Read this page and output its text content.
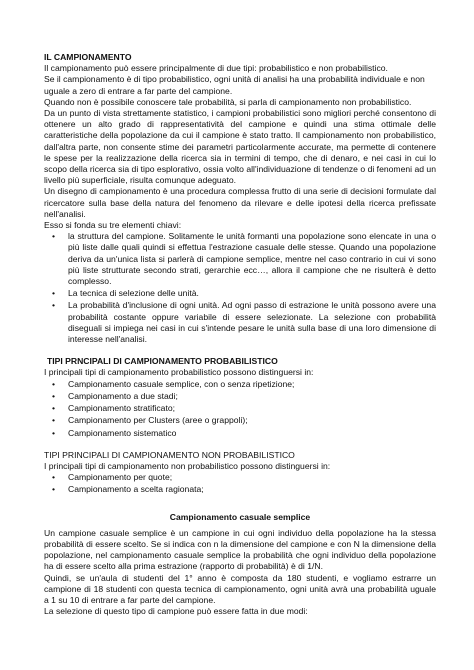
IL CAMPIONAMENTO

Il campionamento può essere principalmente di due tipi: probabilistico e non probabilistico.

Se il campionamento è di tipo probabilistico, ogni unità di analisi ha una probabilità individuale e non uguale a zero di entrare a far parte del campione.

Quando non è possibile conoscere tale probabilità, si parla di campionamento non probabilistico.

Da un punto di vista strettamente statistico, i campioni probabilistici sono migliori perché consentono di ottenere un alto grado di rappresentatività del campione e quindi una stima ottimale delle caratteristiche della popolazione da cui il campione è stato tratto. Il campionamento non probabilistico, dall'altra parte, non consente stime dei parametri particolarmente accurate, ma permette di contenere le spese per la realizzazione della ricerca sia in termini di tempo, che di denaro, e nei casi in cui lo scopo della ricerca sia di tipo esplorativo, ossia volto all'individuazione di tendenze o di fenomeni ad un livello più superficiale, risulta comunque adeguato.

Un disegno di campionamento è una procedura complessa frutto di una serie di decisioni formulate dal ricercatore sulla base della natura del fenomeno da rilevare e delle ipotesi della ricerca prefissate nell'analisi.

Esso si fonda su tre elementi chiavi:

• la struttura del campione. Solitamente le unità formanti una popolazione sono elencate in una o più liste dalle quali quindi si effettua l'estrazione casuale delle stesse. Quando una popolazione deriva da un'unica lista si parlerà di campione semplice, mentre nel caso contrario in cui vi sono più liste strutturate secondo strati, gerarchie ecc…, allora il campione che ne risulterà è detto complesso.
• La tecnica di selezione delle unità.
• La probabilità d'inclusione di ogni unità. Ad ogni passo di estrazione le unità possono avere una probabilità costante oppure variabile di essere selezionate. La selezione con probabilità diseguali si impiega nei casi in cui s'intende pesare le unità sulla base di una loro dimensione di interesse nell'analisi.

TIPI PRNCIPALI DI CAMPIONAMENTO PROBABILISTICO

I principali tipi di campionamento probabilistico possono distinguersi in:

• Campionamento casuale semplice, con o senza ripetizione;
• Campionamento a due stadi;
• Campionamento stratificato;
• Campionamento per Clusters (aree o grappoli);
• Campionamento sistematico

TIPI PRINCIPALI DI CAMPIONAMENTO NON PROBABILISTICO

I principali tipi di campionamento non probabilistico possono distinguersi in:

• Campionamento per quote;
• Campionamento a scelta ragionata;

Campionamento casuale semplice

Un campione casuale semplice è un campione in cui ogni individuo della popolazione ha la stessa probabilità di essere scelto. Se si indica con n la dimensione del campione e con N la dimensione della popolazione, nel campionamento casuale semplice la probabilità che ogni individuo della popolazione ha di essere scelto alla prima estrazione (rapporto di probabilità) è di 1/N.

Quindi, se un'aula di studenti del 1° anno è composta da 180 studenti, e vogliamo estrarre un campione di 18 studenti con questa tecnica di campionamento, ogni unità avrà una probabilità uguale a 1 su 10 di entrare a far parte del campione.

La selezione di questo tipo di campione può essere fatta in due modi:
